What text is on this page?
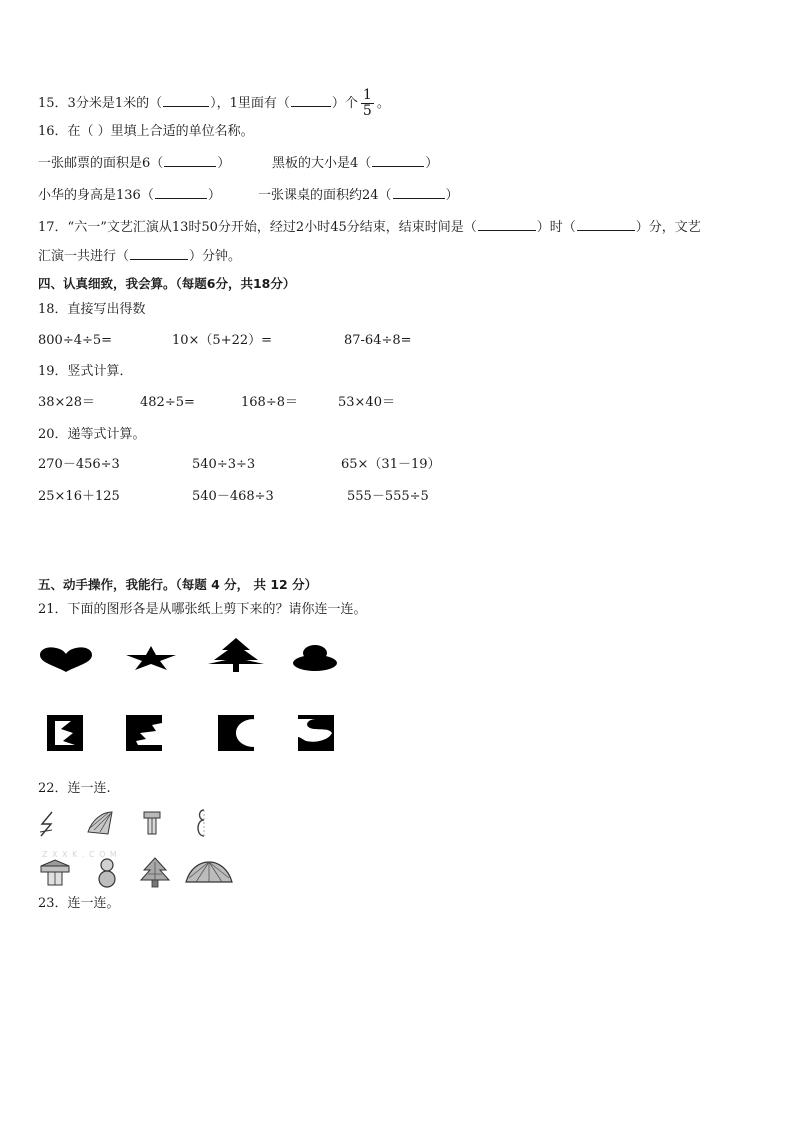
15．3分米是1米的（	），1里面有（	）个 $\frac{1}{5}$ 。
16．在（ ）里填上合适的单位名称。
一张邮票的面积是6（	）	黑板的大小是4（	）
小华的身高是136（	）	一张课桌的面积约24（	）
17．“六一”文艺汇演从13时50分开始，经过2小时45分结束，结束时间是（	）时（	）分，文艺
汇演一共进行（	）分钟。
四、认真细致，我会算。（每题6分，共18分）
18．直接写出得数
800÷4÷5=	10×（5+22）=	87-64÷8=
19．竖式计算．
38×28＝	482÷5=	168÷8＝	53×40＝
20．递等式计算。
270－456÷3	540÷3÷3	65×（31－19）
25×16＋125	540－468÷3	555－555÷5
五、动手操作，我能行。（每题 4 分， 共 12 分）
21．下面的图形各是从哪张纸上剪下来的？请你连一连。
22．连一连.
Z X X K . C O M
23．连一连。
